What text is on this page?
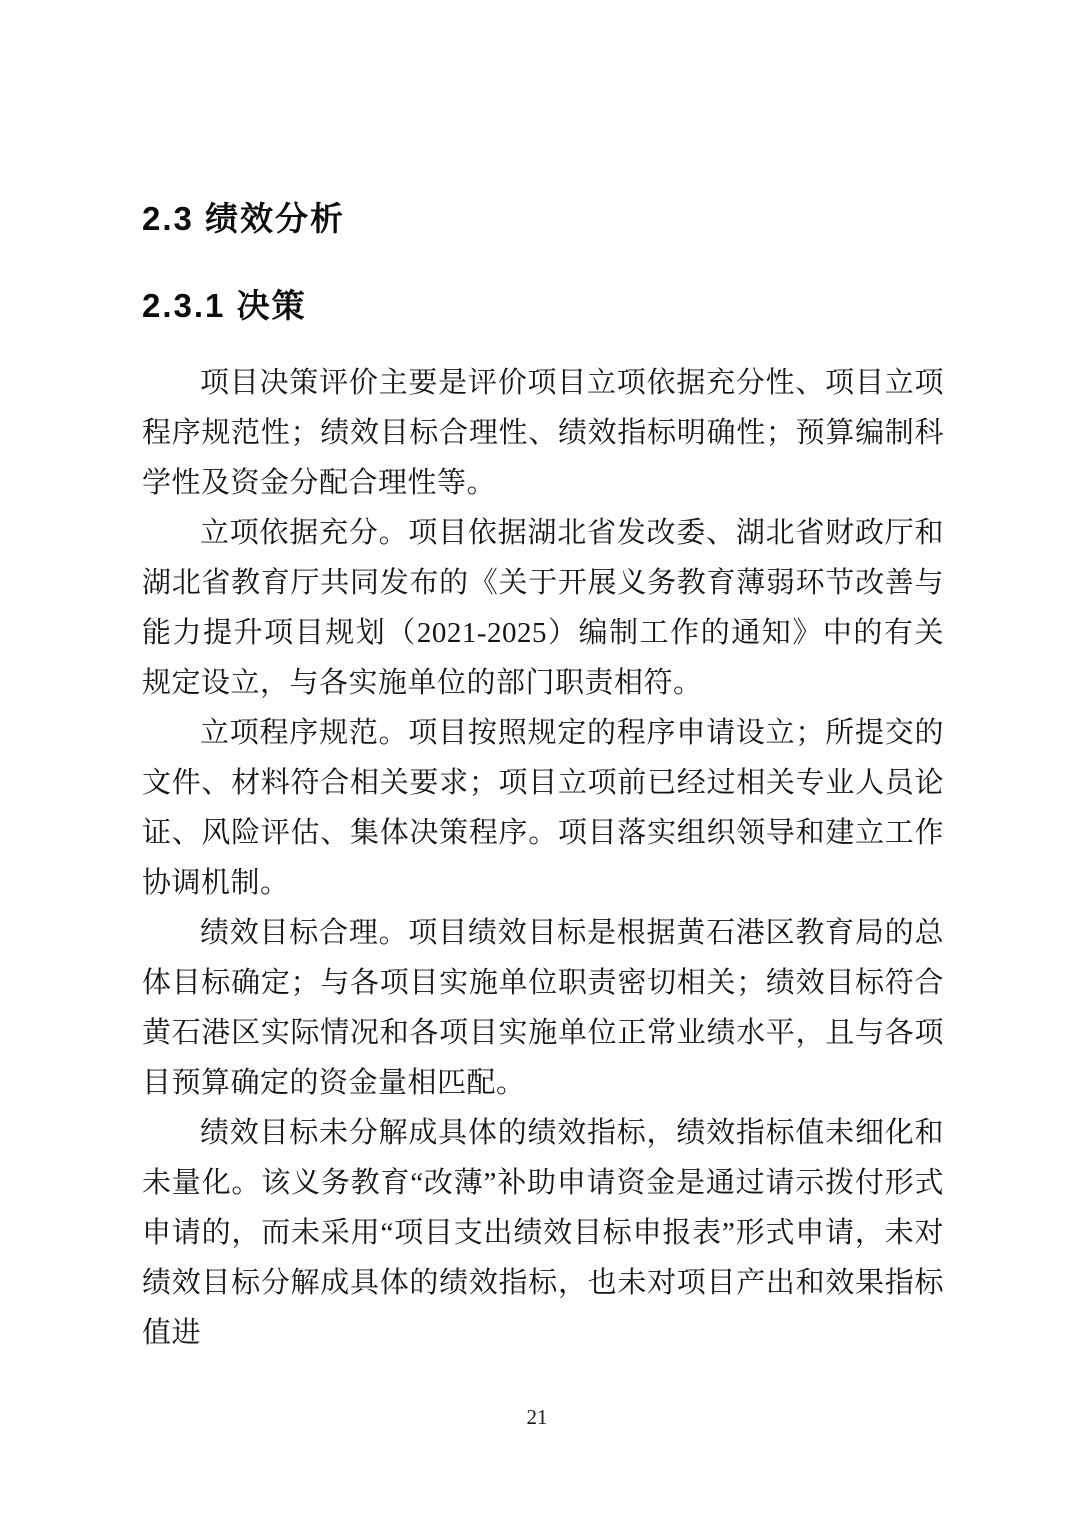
2.3 绩效分析
2.3.1 决策

项目决策评价主要是评价项目立项依据充分性、项目立项程序规范性；绩效目标合理性、绩效指标明确性；预算编制科学性及资金分配合理性等。

立项依据充分。项目依据湖北省发改委、湖北省财政厅和湖北省教育厅共同发布的《关于开展义务教育薄弱环节改善与能力提升项目规划（2021-2025）编制工作的通知》中的有关规定设立，与各实施单位的部门职责相符。

立项程序规范。项目按照规定的程序申请设立；所提交的文件、材料符合相关要求；项目立项前已经过相关专业人员论证、风险评估、集体决策程序。项目落实组织领导和建立工作协调机制。

绩效目标合理。项目绩效目标是根据黄石港区教育局的总体目标确定；与各项目实施单位职责密切相关；绩效目标符合黄石港区实际情况和各项目实施单位正常业绩水平，且与各项目预算确定的资金量相匹配。

绩效目标未分解成具体的绩效指标，绩效指标值未细化和未量化。该义务教育“改薄”补助申请资金是通过请示拨付形式申请的，而未采用“项目支出绩效目标申报表”形式申请，未对绩效目标分解成具体的绩效指标，也未对项目产出和效果指标值进

21
